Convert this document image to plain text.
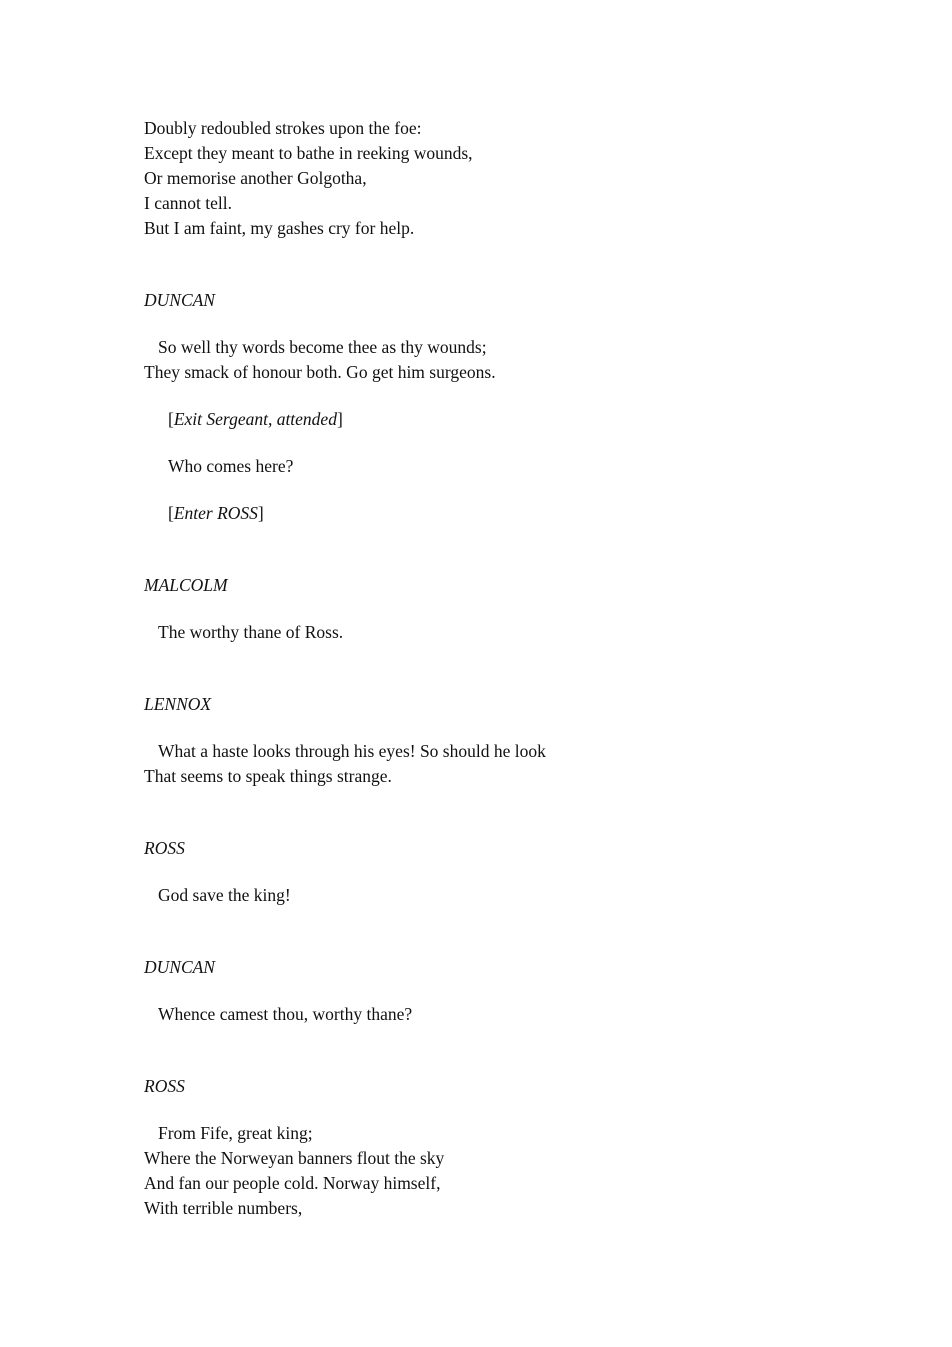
Doubly redoubled strokes upon the foe:
Except they meant to bathe in reeking wounds,
Or memorise another Golgotha,
I cannot tell.
But I am faint, my gashes cry for help.
DUNCAN
So well thy words become thee as thy wounds;
They smack of honour both. Go get him surgeons.
[Exit Sergeant, attended]
Who comes here?
[Enter ROSS]
MALCOLM
The worthy thane of Ross.
LENNOX
What a haste looks through his eyes! So should he look
That seems to speak things strange.
ROSS
God save the king!
DUNCAN
Whence camest thou, worthy thane?
ROSS
From Fife, great king;
Where the Norweyan banners flout the sky
And fan our people cold. Norway himself,
With terrible numbers,
